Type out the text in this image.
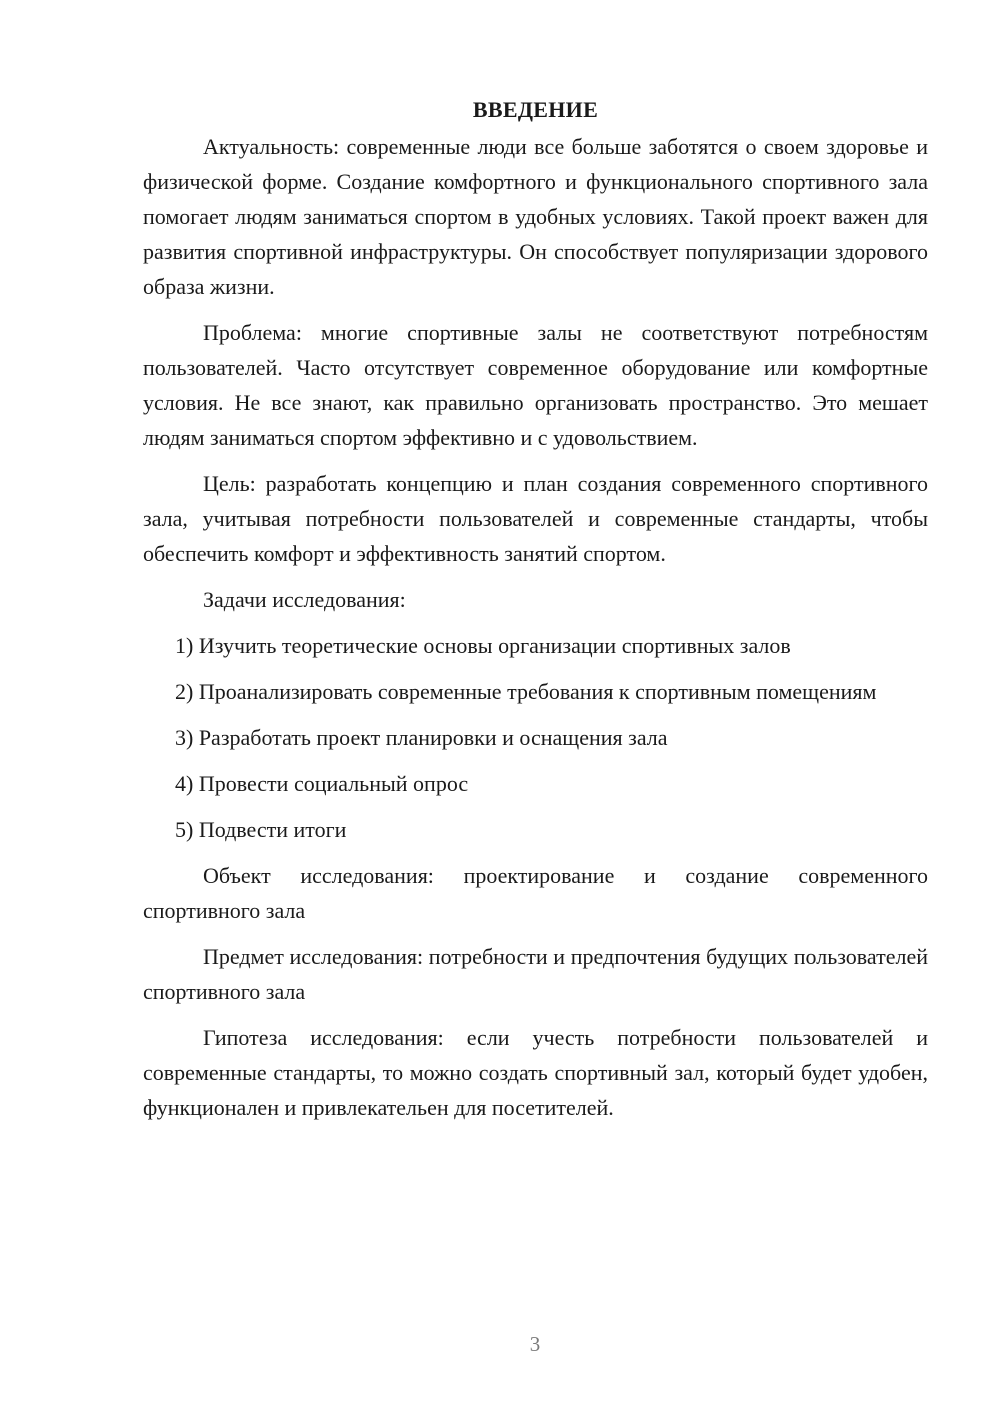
ВВЕДЕНИЕ

Актуальность: современные люди все больше заботятся о своем здоровье и физической форме. Создание комфортного и функционального спортивного зала помогает людям заниматься спортом в удобных условиях. Такой проект важен для развития спортивной инфраструктуры. Он способствует популяризации здорового образа жизни.

Проблема: многие спортивные залы не соответствуют потребностям пользователей. Часто отсутствует современное оборудование или комфортные условия. Не все знают, как правильно организовать пространство. Это мешает людям заниматься спортом эффективно и с удовольствием.

Цель: разработать концепцию и план создания современного спортивного зала, учитывая потребности пользователей и современные стандарты, чтобы обеспечить комфорт и эффективность занятий спортом.

Задачи исследования:

1) Изучить теоретические основы организации спортивных залов

2) Проанализировать современные требования к спортивным помещениям

3) Разработать проект планировки и оснащения зала

4) Провести социальный опрос

5) Подвести итоги

Объект исследования: проектирование и создание современного спортивного зала

Предмет исследования: потребности и предпочтения будущих пользователей спортивного зала

Гипотеза исследования: если учесть потребности пользователей и современные стандарты, то можно создать спортивный зал, который будет удобен, функционален и привлекательен для посетителей.

3
